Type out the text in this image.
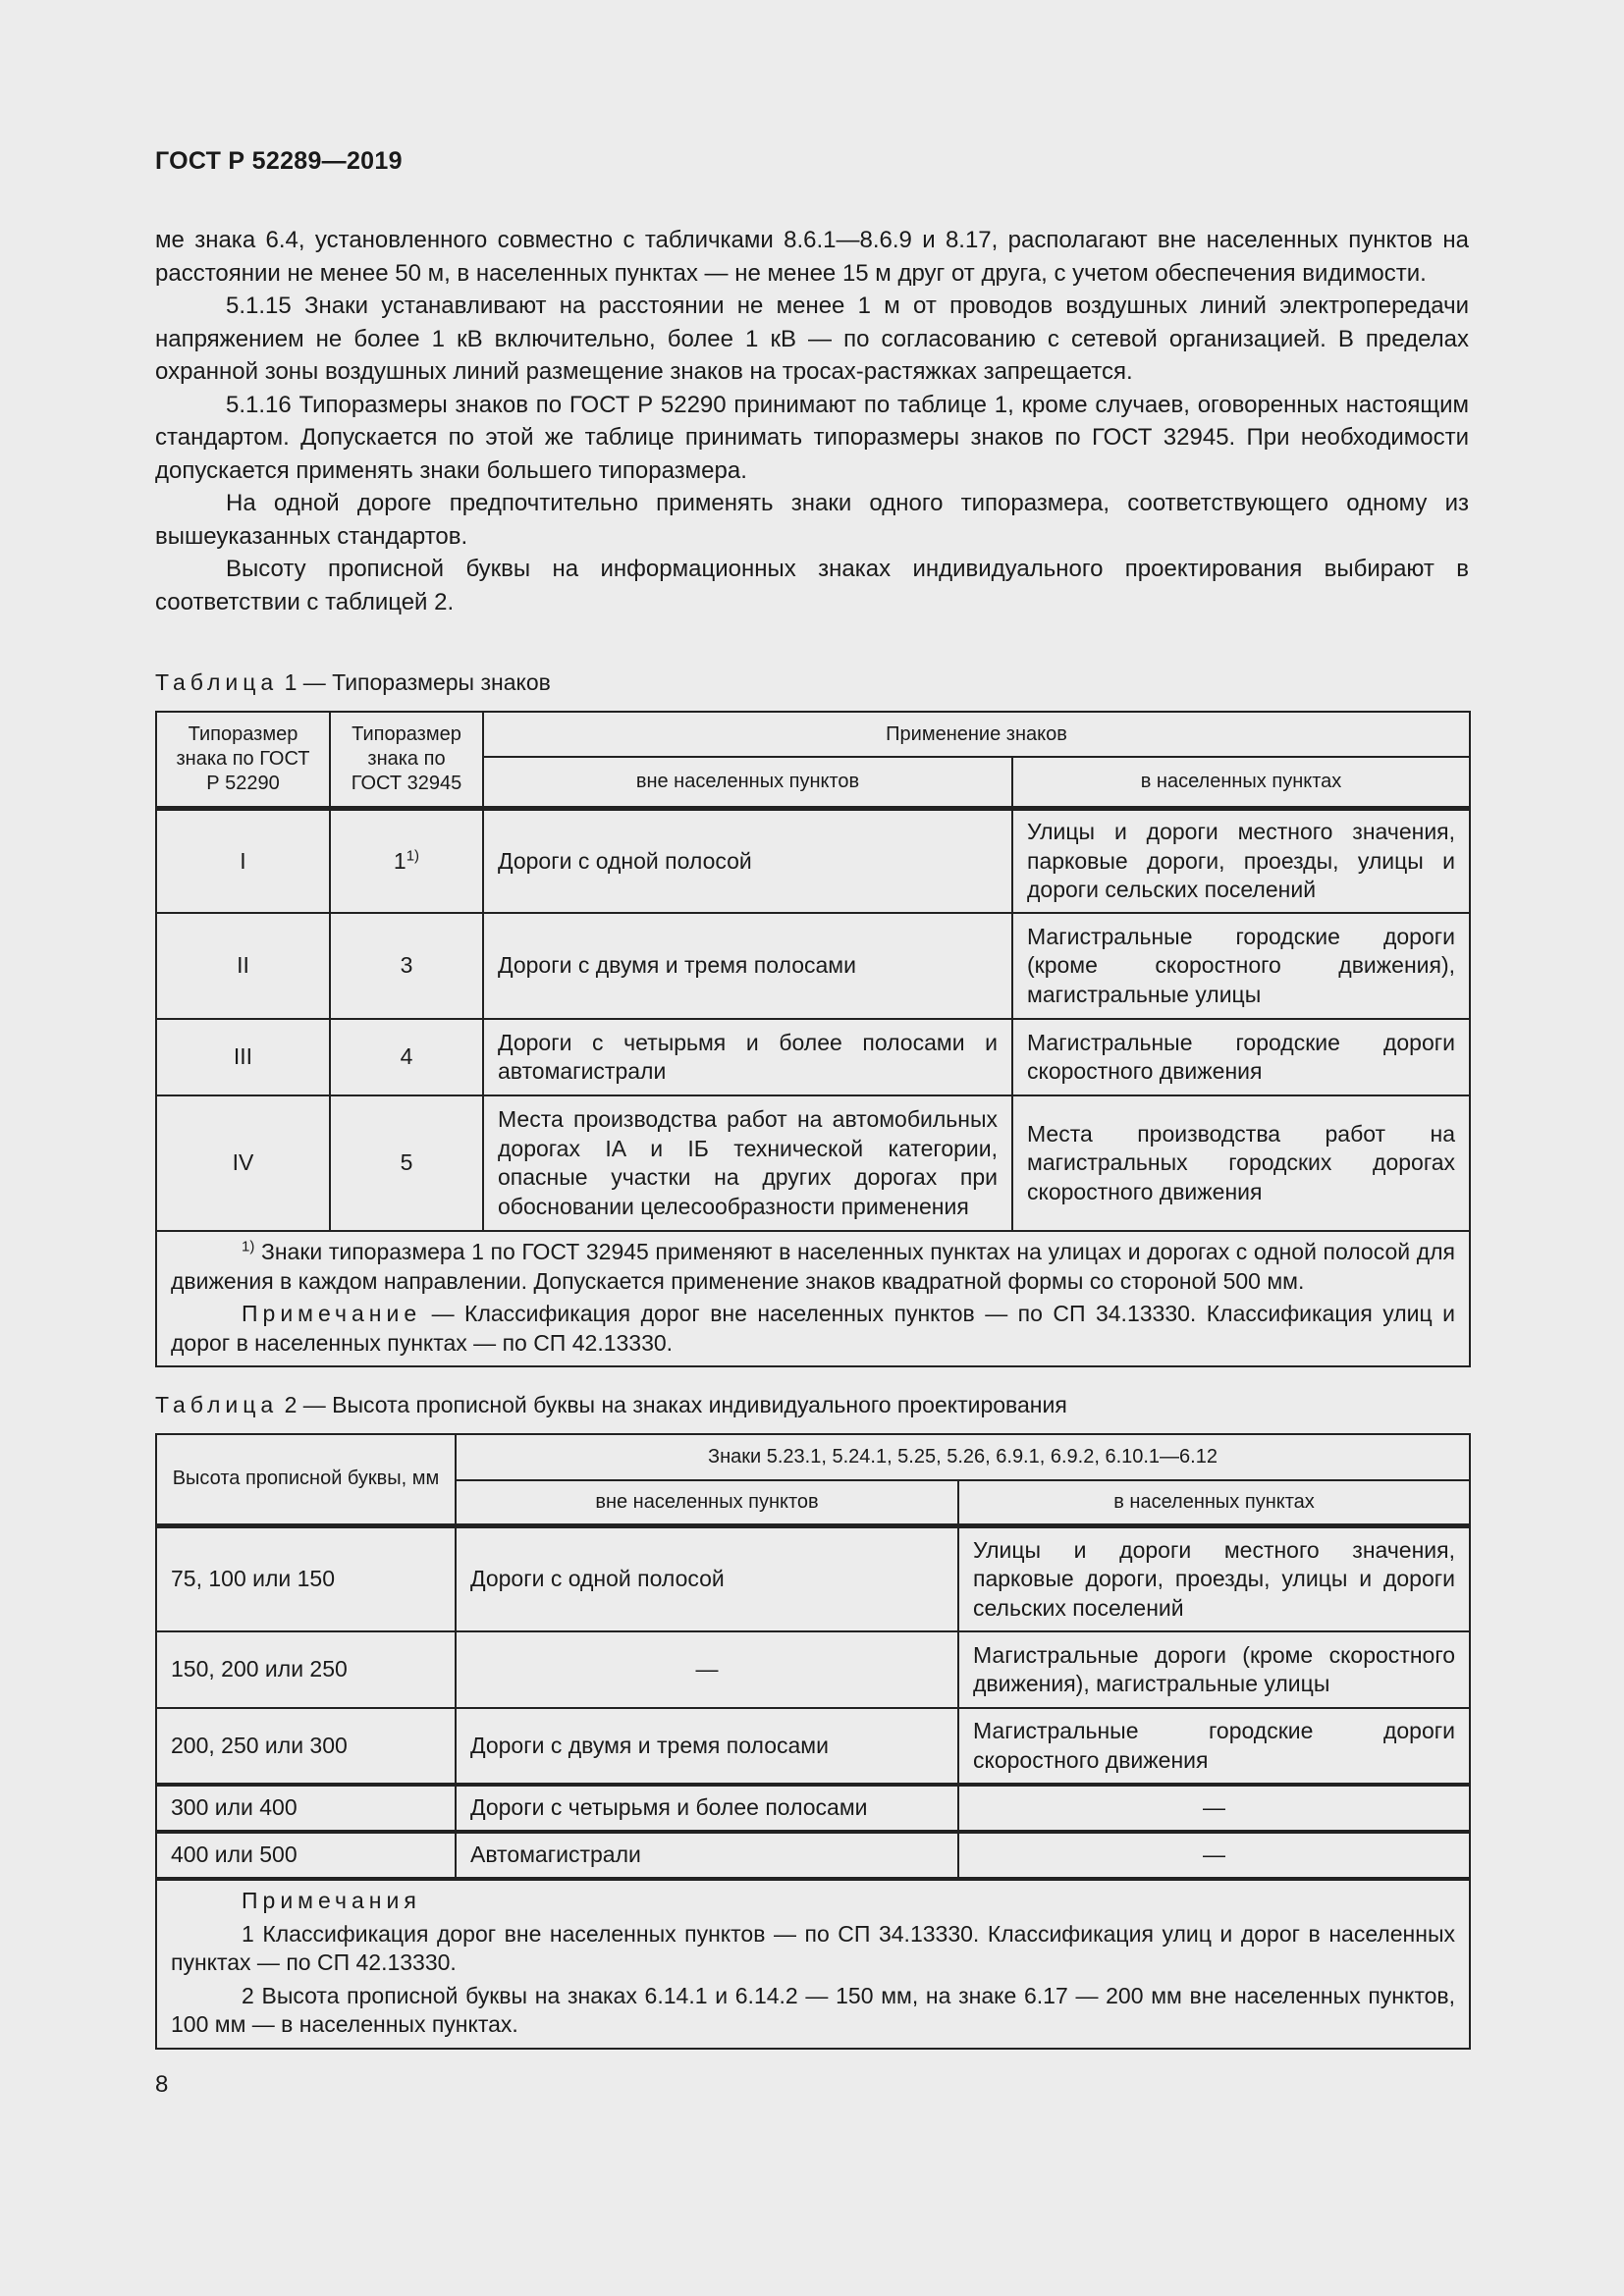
ГОСТ Р 52289—2019

ме знака 6.4, установленного совместно с табличками 8.6.1—8.6.9 и 8.17, располагают вне населенных пунктов на расстоянии не менее 50 м, в населенных пунктах — не менее 15 м друг от друга, с учетом обеспечения видимости.

5.1.15 Знаки устанавливают на расстоянии не менее 1 м от проводов воздушных линий электропередачи напряжением не более 1 кВ включительно, более 1 кВ — по согласованию с сетевой организацией. В пределах охранной зоны воздушных линий размещение знаков на тросах-растяжках запрещается.

5.1.16 Типоразмеры знаков по ГОСТ Р 52290 принимают по таблице 1, кроме случаев, оговоренных настоящим стандартом. Допускается по этой же таблице принимать типоразмеры знаков по ГОСТ 32945. При необходимости допускается применять знаки большего типоразмера.

На одной дороге предпочтительно применять знаки одного типоразмера, соответствующего одному из вышеуказанных стандартов.

Высоту прописной буквы на информационных знаках индивидуального проектирования выбирают в соответствии с таблицей 2.

Таблица 1 — Типоразмеры знаков
Типоразмер знака по ГОСТ Р 52290	Типоразмер знака по ГОСТ 32945	Применение знаков	
		вне населенных пунктов	в населенных пунктах
I	1$^{1)}$	Дороги с одной полосой	Улицы и дороги местного значения, парковые дороги, проезды, улицы и дороги сельских поселений
II	3	Дороги с двумя и тремя полосами	Магистральные городские дороги (кроме скоростного движения), магистральные улицы
III	4	Дороги с четырьмя и более полосами и автомагистрали	Магистральные городские дороги скоростного движения
IV	5	Места производства работ на автомобильных дорогах IA и IБ технической категории, опасные участки на других дорогах при обосновании целесообразности применения	Места производства работ на магистральных городских дорогах скоростного движения

$^{1)}$ Знаки типоразмера 1 по ГОСТ 32945 применяют в населенных пунктах на улицах и дорогах с одной полосой для движения в каждом направлении. Допускается применение знаков квадратной формы со стороной 500 мм.

Примечание — Классификация дорог вне населенных пунктов — по СП 34.13330. Классификация улиц и дорог в населенных пунктах — по СП 42.13330.			

Таблица 2 — Высота прописной буквы на знаках индивидуального проектирования
Высота прописной буквы, мм	Знаки 5.23.1, 5.24.1, 5.25, 5.26, 6.9.1, 6.9.2, 6.10.1—6.12	
	вне населенных пунктов	в населенных пунктах
75, 100 или 150	Дороги с одной полосой	Улицы и дороги местного значения, парковые дороги, проезды, улицы и дороги сельских поселений
150, 200 или 250	—	Магистральные дороги (кроме скоростного движения), магистральные улицы
200, 250 или 300	Дороги с двумя и тремя полосами	Магистральные городские дороги скоростного движения
300 или 400	Дороги с четырьмя и более полосами	—
400 или 500	Автомагистрали	—

Примечания

1 Классификация дорог вне населенных пунктов — по СП 34.13330. Классификация улиц и дорог в населенных пунктах — по СП 42.13330.

2 Высота прописной буквы на знаках 6.14.1 и 6.14.2 — 150 мм, на знаке 6.17 — 200 мм вне населенных пунктов, 100 мм — в населенных пунктах.		

8
